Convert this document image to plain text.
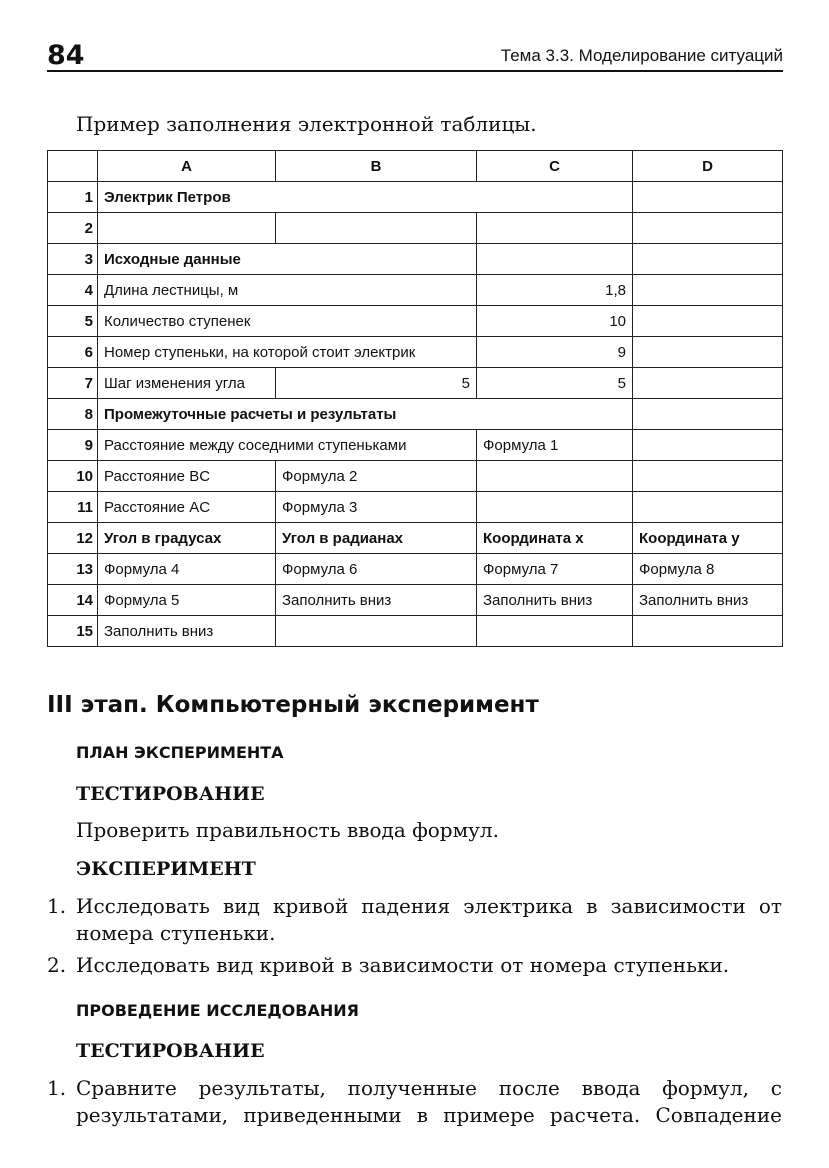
84	Тема 3.3. Моделирование ситуаций
Пример заполнения электронной таблицы.
	A	B	C	D
1	Электрик Петров			
2				
3	Исходные данные			
4	Длина лестницы, м		1,8	
5	Количество ступенек		10	
6	Номер ступеньки, на которой стоит электрик		9	
7	Шаг изменения угла	5	5	
8	Промежуточные расчеты и результаты			
9	Расстояние между соседними ступеньками		Формула 1	
10	Расстояние BC	Формула 2		
11	Расстояние AC	Формула 3		
12	Угол в градусах	Угол в радианах	Координата x	Координата y
13	Формула 4	Формула 6	Формула 7	Формула 8
14	Формула 5	Заполнить вниз	Заполнить вниз	Заполнить вниз
15	Заполнить вниз			
III этап. Компьютерный эксперимент
ПЛАН ЭКСПЕРИМЕНТА
ТЕСТИРОВАНИЕ
Проверить правильность ввода формул.
ЭКСПЕРИМЕНТ
1. Исследовать вид кривой падения электрика в зависимости от номера ступеньки.
2. Исследовать вид кривой в зависимости от номера ступеньки.
ПРОВЕДЕНИЕ ИССЛЕДОВАНИЯ
ТЕСТИРОВАНИЕ
1. Сравните результаты, полученные после ввода формул, с результатами, приведенными в примере расчета. Совпадение
